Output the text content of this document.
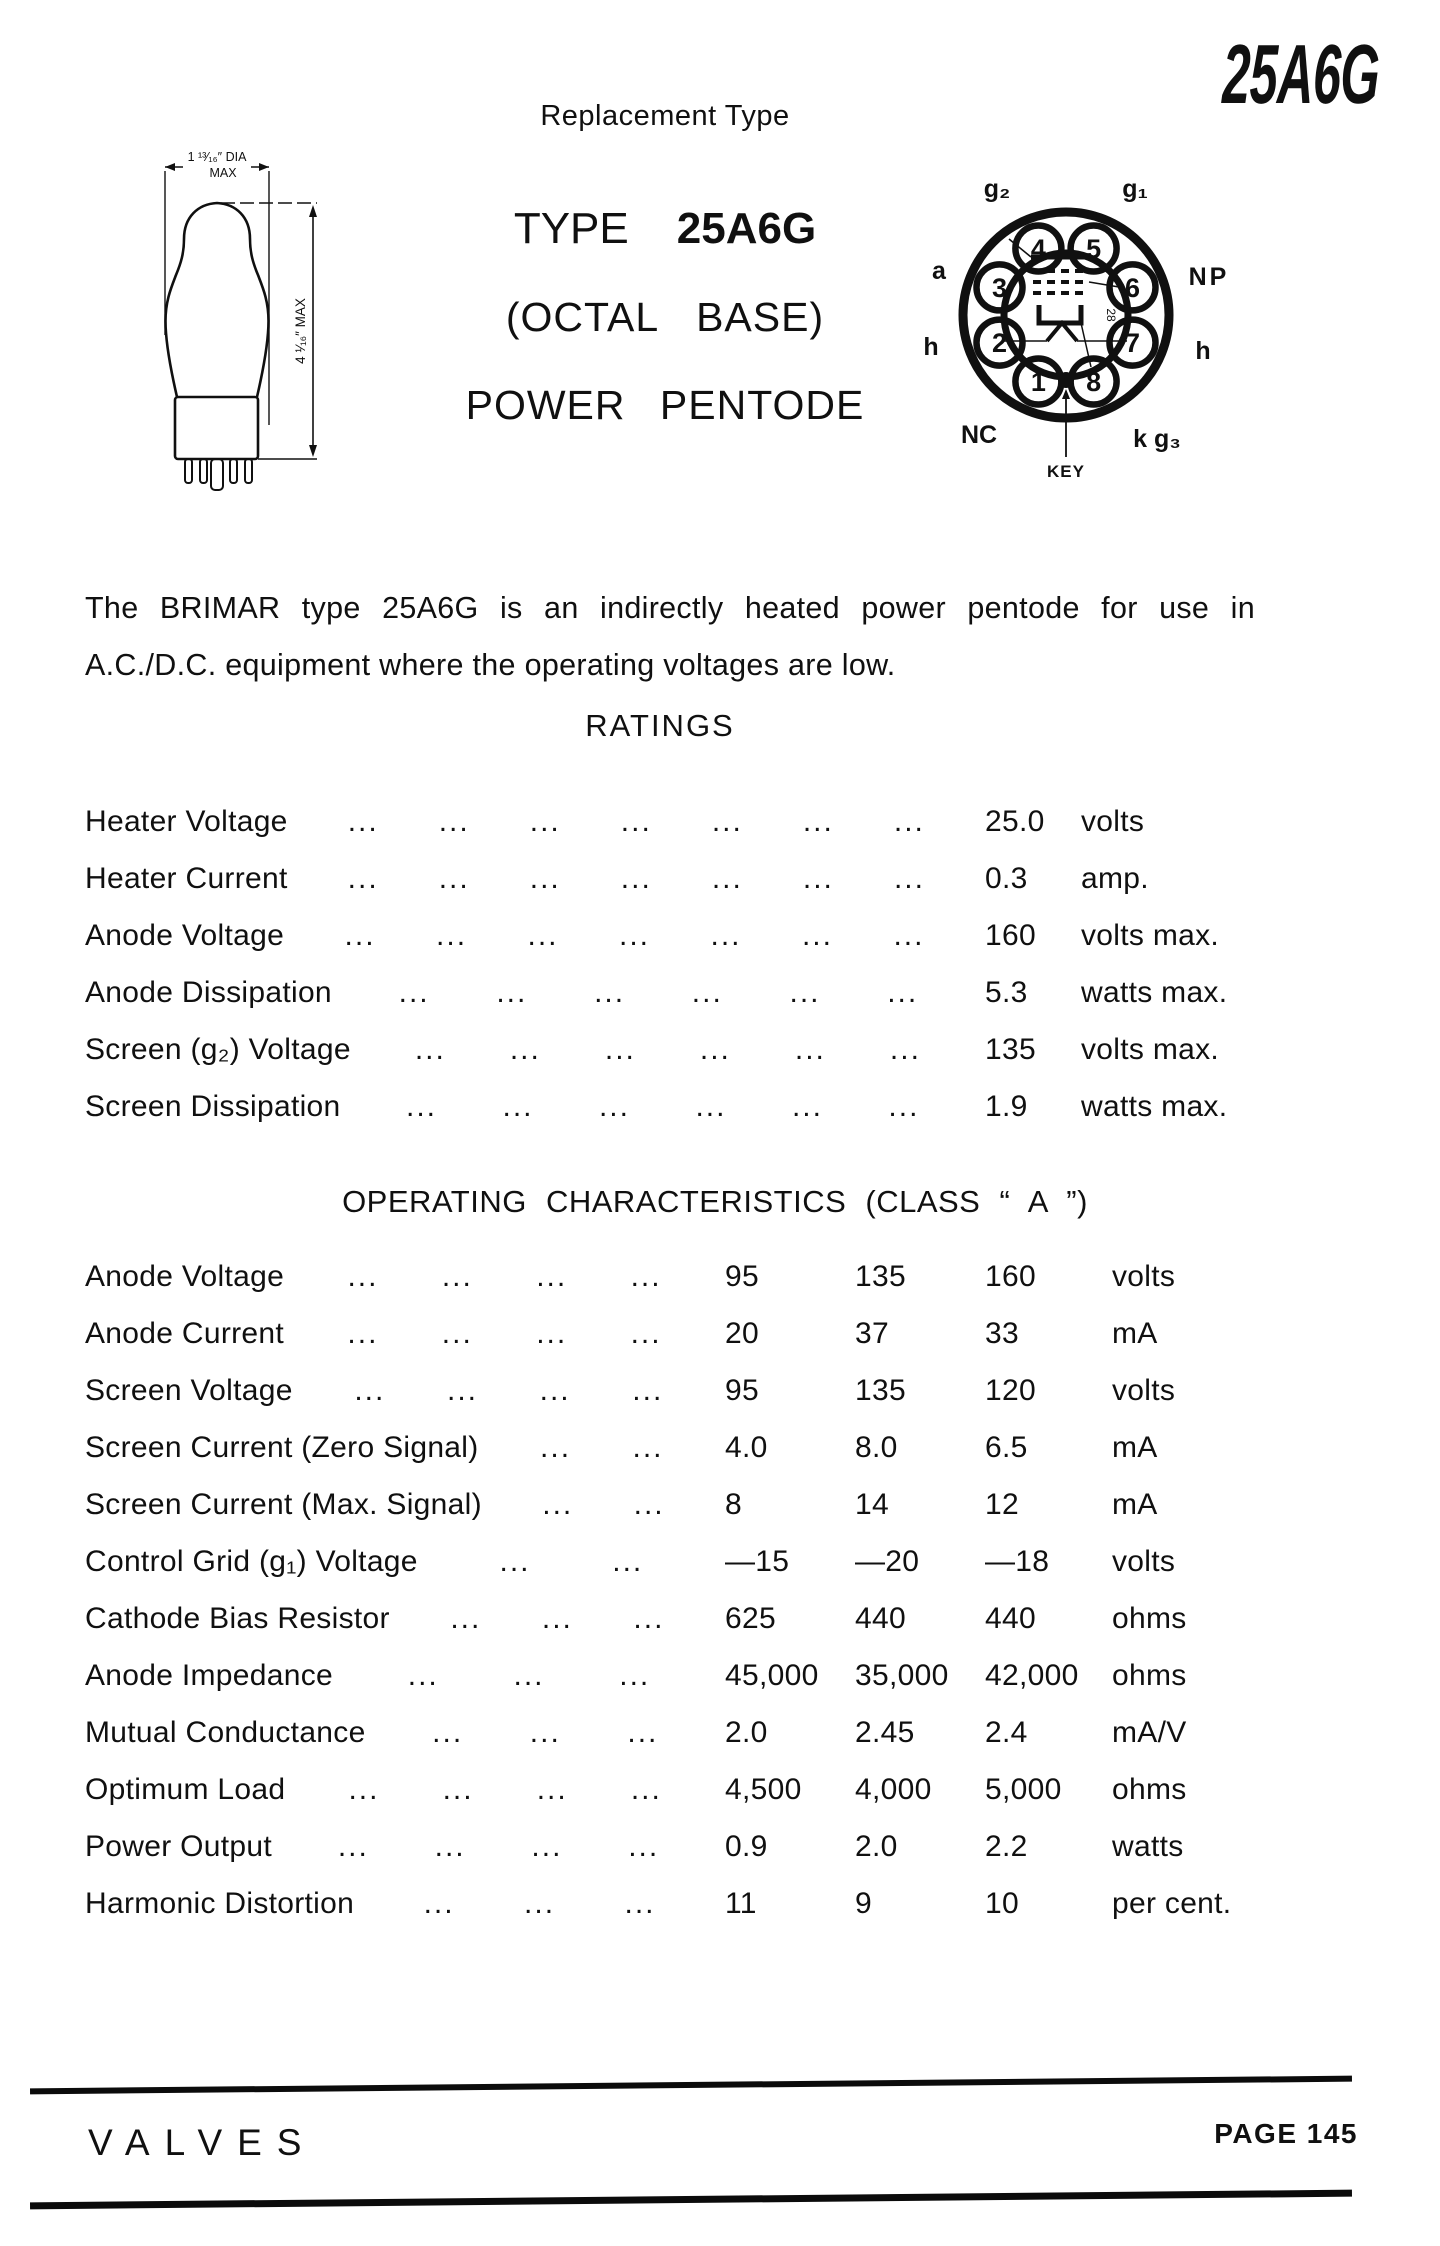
25A6G
Replacement Type
TYPE 25A6G
(OCTAL BASE)
POWER PENTODE
1 ¹³⁄₁₆″ DIA
MAX
4 ¹⁄₁₆″ MAX	28
1
2
3
4 5
6
7
8
g₂	g₁
a	NP
h	h
NC	k g₃
KEY
The BRIMAR type 25A6G is an indirectly heated power pentode for use in
A.C./D.C. equipment where the operating voltages are low.
RATINGS
Heater Voltage ... ... ... ... ... ... ... 25.0	volts
Heater Current ... ... ... ... ... ... ... 0.3	amp.
Anode Voltage ... ... ... ... ... ... ... 160	volts max.
Anode Dissipation ... ... ... ... ... ... 5.3	watts max.
Screen (g₂) Voltage ... ... ... ... ... ... 135	volts max.
Screen Dissipation ... ... ... ... ... ... 1.9	watts max.
OPERATING CHARACTERISTICS (CLASS “ A ”)
Anode Voltage ... ... ... ... 95	135	160	volts
Anode Current ... ... ... ... 20	37	33	mA
Screen Voltage ... ... ... ... 95	135	120	volts
Screen Current (Zero Signal) ... ... 4.0	8.0	6.5	mA
Screen Current (Max. Signal) ... ... 8	14	12	mA
Control Grid (g₁) Voltage	...	...	—15	—20	—18	volts
Cathode Bias Resistor ... ... ... 625	440	440	ohms
Anode Impedance ... ... ... 45,000	35,000	42,000	ohms
Mutual Conductance ... ... ... 2.0	2.45	2.4	mA/V
Optimum Load ... ... ... ... 4,500	4,000	5,000	ohms
Power Output ... ... ... ... 0.9	2.0	2.2	watts
Harmonic Distortion ... ... ... 11	9	10	per cent.
VALVES	PAGE 145
